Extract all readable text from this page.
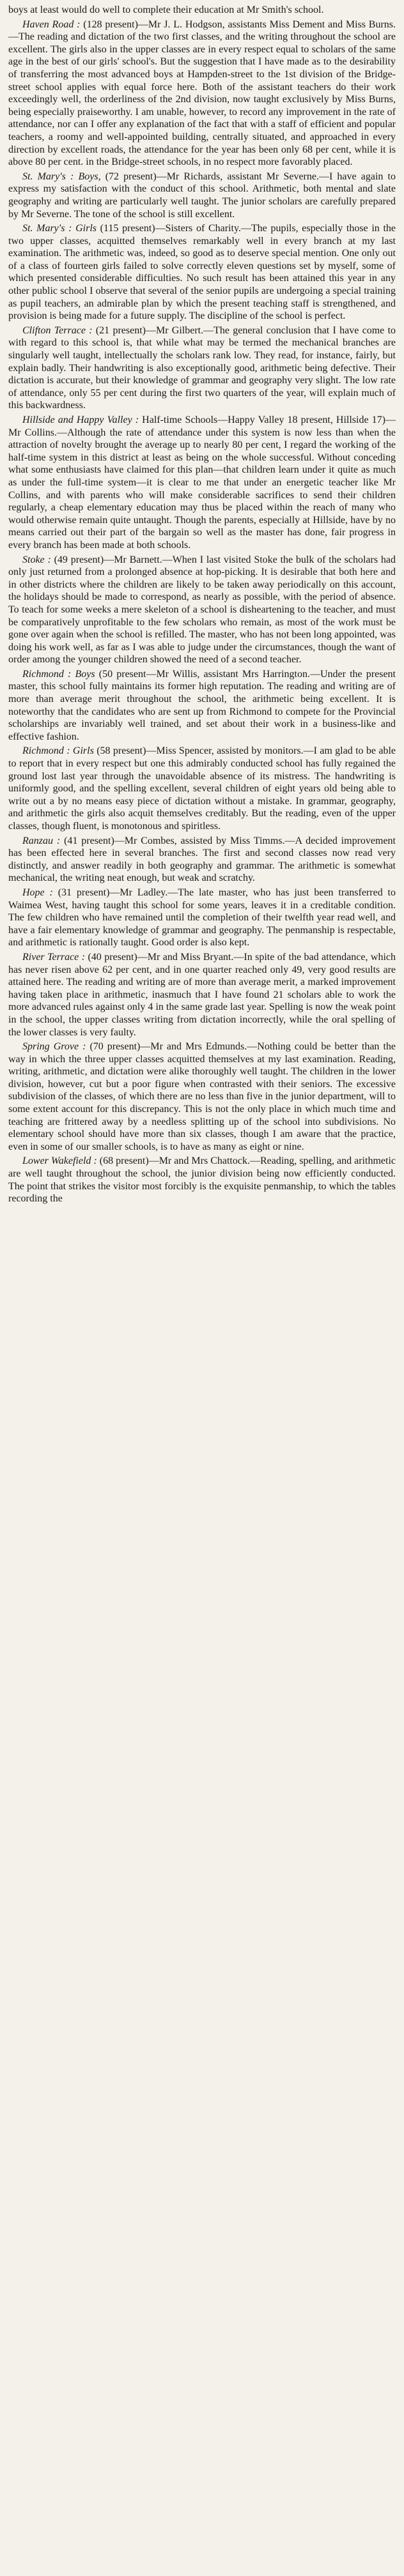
boys at least would do well to complete their education at Mr Smith's school.

Haven Road : (128 present)—Mr J. L. Hodgson, assistants Miss Dement and Miss Burns.—The reading and dictation of the two first classes, and the writing throughout the school are excellent. The girls also in the upper classes are in every respect equal to scholars of the same age in the best of our girls' school's. But the suggestion that I have made as to the desirability of transferring the most advanced boys at Hampden-street to the 1st division of the Bridge-street school applies with equal force here. Both of the assistant teachers do their work exceedingly well, the orderliness of the 2nd division, now taught exclusively by Miss Burns, being especially praiseworthy. I am unable, however, to record any improvement in the rate of attendance, nor can I offer any explanation of the fact that with a staff of efficient and popular teachers, a roomy and well-appointed building, centrally situated, and approached in every direction by excellent roads, the attendance for the year has been only 68 per cent, while it is above 80 per cent. in the Bridge-street schools, in no respect more favorably placed.

St. Mary's : Boys, (72 present)—Mr Richards, assistant Mr Severne.—I have again to express my satisfaction with the conduct of this school. Arithmetic, both mental and slate geography and writing are particularly well taught. The junior scholars are carefully prepared by Mr Severne. The tone of the school is still excellent.

St. Mary's : Girls (115 present)—Sisters of Charity.—The pupils, especially those in the two upper classes, acquitted themselves remarkably well in every branch at my last examination. The arithmetic was, indeed, so good as to deserve special mention. One only out of a class of fourteen girls failed to solve correctly eleven questions set by myself, some of which presented considerable difficulties. No such result has been attained this year in any other public school I observe that several of the senior pupils are undergoing a special training as pupil teachers, an admirable plan by which the present teaching staff is strengthened, and provision is being made for a future supply. The discipline of the school is perfect.

Clifton Terrace : (21 present)—Mr Gilbert.—The general conclusion that I have come to with regard to this school is, that while what may be termed the mechanical branches are singularly well taught, intellectually the scholars rank low. They read, for instance, fairly, but explain badly. Their handwriting is also exceptionally good, arithmetic being defective. Their dictation is accurate, but their knowledge of grammar and geography very slight. The low rate of attendance, only 55 per cent during the first two quarters of the year, will explain much of this backwardness.

Hillside and Happy Valley : Half-time Schools—Happy Valley 18 present, Hillside 17)—Mr Collins.—Although the rate of attendance under this system is now less than when the attraction of novelty brought the average up to nearly 80 per cent, I regard the working of the half-time system in this district at least as being on the whole successful. Without conceding what some enthusiasts have claimed for this plan—that children learn under it quite as much as under the full-time system—it is clear to me that under an energetic teacher like Mr Collins, and with parents who will make considerable sacrifices to send their children regularly, a cheap elementary education may thus be placed within the reach of many who would otherwise remain quite untaught. Though the parents, especially at Hillside, have by no means carried out their part of the bargain so well as the master has done, fair progress in every branch has been made at both schools.

Stoke : (49 present)—Mr Barnett.—When I last visited Stoke the bulk of the scholars had only just returned from a prolonged absence at hop-picking. It is desirable that both here and in other districts where the children are likely to be taken away periodically on this account, the holidays should be made to correspond, as nearly as possible, with the period of absence. To teach for some weeks a mere skeleton of a school is disheartening to the teacher, and must be comparatively unprofitable to the few scholars who remain, as most of the work must be gone over again when the school is refilled. The master, who has not been long appointed, was doing his work well, as far as I was able to judge under the circumstances, though the want of order among the younger children showed the need of a second teacher.

Richmond : Boys (50 present—Mr Willis, assistant Mrs Harrington.—Under the present master, this school fully maintains its former high reputation. The reading and writing are of more than average merit throughout the school, the arithmetic being excellent. It is noteworthy that the candidates who are sent up from Richmond to compete for the Provincial scholarships are invariably well trained, and set about their work in a business-like and effective fashion.

Richmond : Girls (58 present)—Miss Spencer, assisted by monitors.—I am glad to be able to report that in every respect but one this admirably conducted school has fully regained the ground lost last year through the unavoidable absence of its mistress. The handwriting is uniformly good, and the spelling excellent, several children of eight years old being able to write out a by no means easy piece of dictation without a mistake. In grammar, geography, and arithmetic the girls also acquit themselves creditably. But the reading, even of the upper classes, though fluent, is monotonous and spiritless.

Ranzau : (41 present)—Mr Combes, assisted by Miss Timms.—A decided improvement has been effected here in several branches. The first and second classes now read very distinctly, and answer readily in both geography and grammar. The arithmetic is somewhat mechanical, the writing neat enough, but weak and scratchy.

Hope : (31 present)—Mr Ladley.—The late master, who has just been transferred to Waimea West, having taught this school for some years, leaves it in a creditable condition. The few children who have remained until the completion of their twelfth year read well, and have a fair elementary knowledge of grammar and geography. The penmanship is respectable, and arithmetic is rationally taught. Good order is also kept.

River Terrace : (40 present)—Mr and Miss Bryant.—In spite of the bad attendance, which has never risen above 62 per cent, and in one quarter reached only 49, very good results are attained here. The reading and writing are of more than average merit, a marked improvement having taken place in arithmetic, inasmuch that I have found 21 scholars able to work the more advanced rules against only 4 in the same grade last year. Spelling is now the weak point in the school, the upper classes writing from dictation incorrectly, while the oral spelling of the lower classes is very faulty.

Spring Grove : (70 present)—Mr and Mrs Edmunds.—Nothing could be better than the way in which the three upper classes acquitted themselves at my last examination. Reading, writing, arithmetic, and dictation were alike thoroughly well taught. The children in the lower division, however, cut but a poor figure when contrasted with their seniors. The excessive subdivision of the classes, of which there are no less than five in the junior department, will to some extent account for this discrepancy. This is not the only place in which much time and teaching are frittered away by a needless splitting up of the school into subdivisions. No elementary school should have more than six classes, though I am aware that the practice, even in some of our smaller schools, is to have as many as eight or nine.

Lower Wakefield : (68 present)—Mr and Mrs Chattock.—Reading, spelling, and arithmetic are well taught throughout the school, the junior division being now efficiently conducted. The point that strikes the visitor most forcibly is the exquisite penmanship, to which the tables recording the
